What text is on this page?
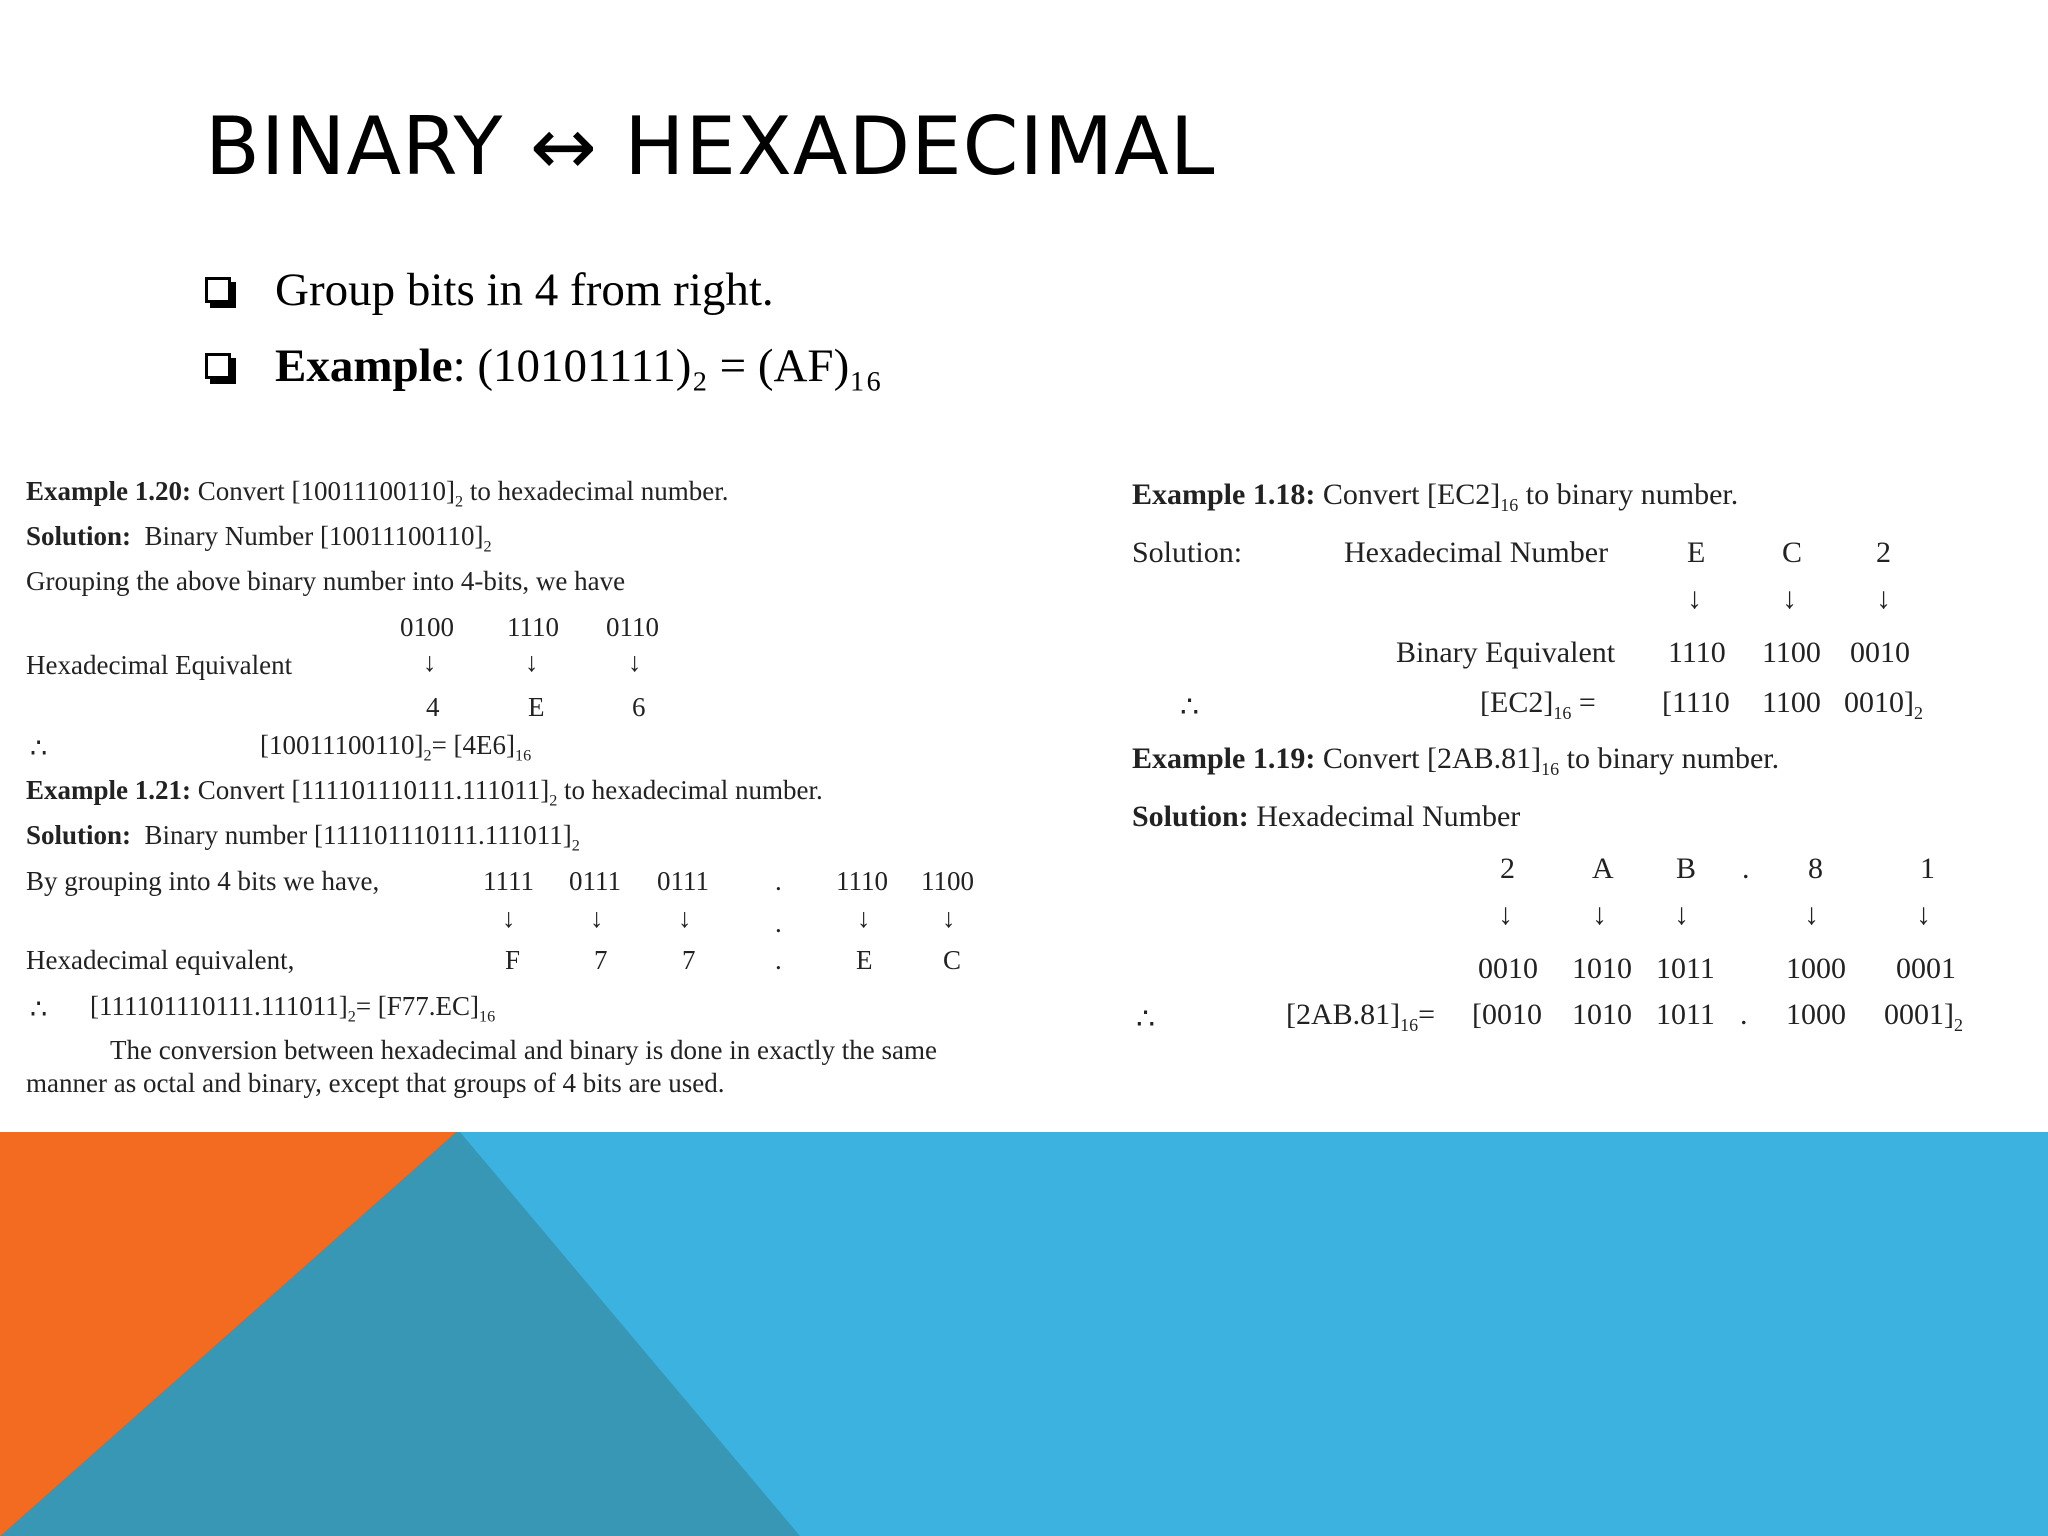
BINARY ↔ HEXADECIMAL
Group bits in 4 from right.
Example: (10101111)₂ = (AF)₁₆
Example 1.20: Convert $[10011100110]_2$ to hexadecimal number.
Solution: Binary Number $[10011100110]_2$
Grouping the above binary number into 4-bits, we have
0100 1110 0110
Hexadecimal Equivalent	↓	↓	↓
4	E	6
∴	$[10011100110]_2= [4E6]_{16}$
Example 1.21: Convert $[111101110111.111011]_2$ to hexadecimal number.
Solution: Binary number $[111101110111.111011]_2$
By grouping into 4 bits we have,	1111 0111 0111 . 1110 1100
↓	↓	↓	.	↓	↓
Hexadecimal equivalent,	F	7	7	.	E	C
∴ $[111101110111.111011]_2= [F77.EC]_{16}$
The conversion between hexadecimal and binary is done in exactly the same
manner as octal and binary, except that groups of 4 bits are used.
Example 1.18: Convert $[EC2]_{16}$ to binary number.
Solution:	Hexadecimal Number	E	C 2
↓	↓	↓
Binary Equivalent 1110 1100 0010
∴	$[EC2]_{16} = [1110$ 1100 $0010]_2$
Example 1.19: Convert $[2AB.81]_{16}$ to binary number.
Solution: Hexadecimal Number
2	A B . 8	1
↓	↓ ↓	↓	↓
0010 1010 1011 1000 0001
∴	$[2AB.81]_{16}= [0010$ 1010 1011 . 1000 $0001]_2$
